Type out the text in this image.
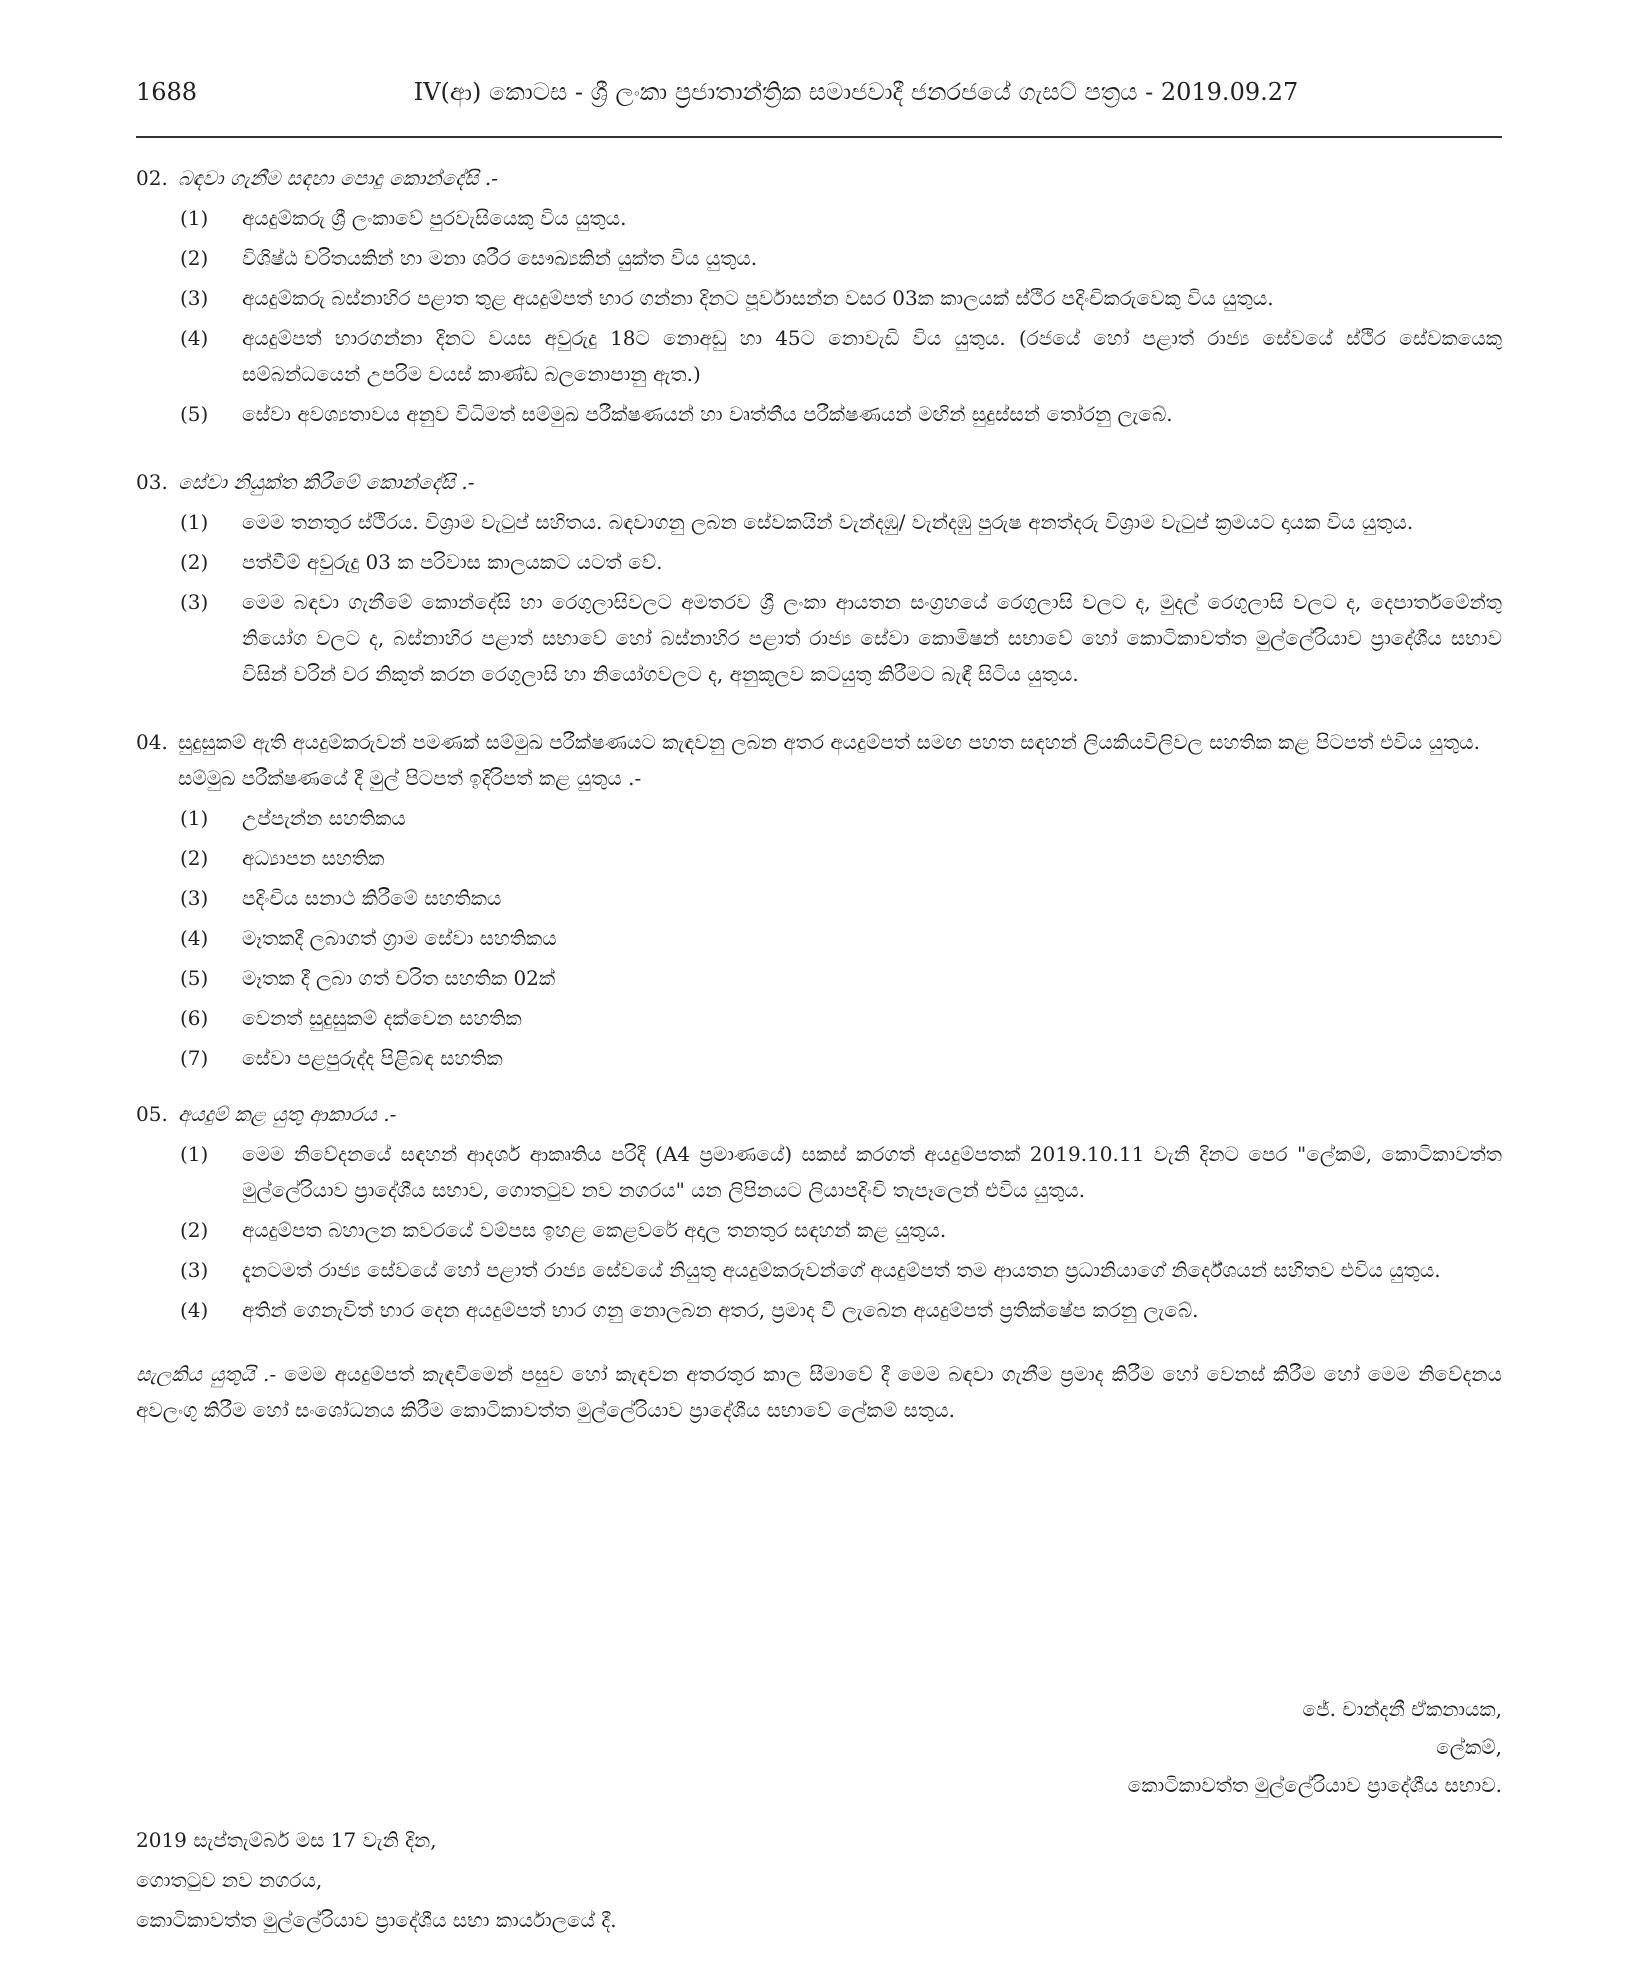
1688	IV(ආ) කොටස - ශ්‍රී ලංකා ප්‍රජාතාන්ත්‍රික සමාජවාදී ජනරජයේ ගැසට් පත්‍රය - 2019.09.27
02. බඳවා ගැනීම සඳහා පොදු කොන්දේසි .-
(1) අයදුම්කරු ශ්‍රී ලංකාවේ පුරවැසියෙකු විය යුතුය.
(2) විශිෂ්ඨ චරිතයකින් හා මනා ශරීර සෞඛ්‍යකින් යුක්ත විය යුතුය.
(3) අයදුම්කරු බස්නාහිර පළාත තුළ අයදුම්පත් භාර ගන්නා දිනට පූර්වාසන්න වසර 03ක කාලයක් ස්ථිර පදිංචිකරුවෙකු විය යුතුය.
(4) අයදුම්පත් භාරගන්නා දිනට වයස අවුරුදු 18ට නොඅඩු හා 45ට නොවැඩි විය යුතුය. (රජයේ හෝ පළාත් රාජ්‍ය සේවයේ ස්ථිර සේවකයෙකු සම්බන්ධයෙන් උපරිම වයස් කාණ්ඩ බලනොපානු ඇත.)
(5) සේවා අවශ්‍යතාවය අනුව විධිමත් සම්මුඛ පරීක්ෂණයන් හා වෘත්තීය පරීක්ෂණයන් මඟින් සුදුස්සන් තෝරනු ලැබේ.
03. සේවා නියුක්ත කිරීමේ කොන්දේසි .-
(1) මෙම තනතුර ස්ථිරය. විශ්‍රාම වැටුප් සහිතය. බඳවාගනු ලබන සේවකයින් වැන්දඹු/ වැන්දඹු පුරුෂ අනත්දරු විශ්‍රාම වැටුප් ක්‍රමයට දායක විය යුතුය.
(2) පත්වීම් අවුරුදු 03 ක පරිවාස කාලයකට යටත් වේ.
(3) මෙම බඳවා ගැනීමේ කොන්දේසි හා රෙගුලාසිවලට අමතරව ශ්‍රී ලංකා ආයතන සංග්‍රහයේ රෙගුලාසි වලට ද, මුදල් රෙගුලාසි වලට ද, දෙපාර්තමේන්තු නියෝග වලට ද, බස්නාහිර පළාත් සභාවේ හෝ බස්නාහිර පළාත් රාජ්‍ය සේවා කොමිෂන් සභාවේ හෝ කොටිකාවත්ත මුල්ලේරියාව ප්‍රාදේශීය සභාව විසින් වරින් වර නිකුත් කරන රෙගුලාසි හා නියෝගවලට ද, අනුකූලව කටයුතු කිරීමට බැඳී සිටිය යුතුය.
04. සුදුසුකම් ඇති අයදුම්කරුවන් පමණක් සම්මුඛ පරීක්ෂණයට කැඳවනු ලබන අතර අයදුම්පත් සමඟ පහත සඳහන් ලියකියවිලිවල සහතික කළ පිටපත් එවිය යුතුය. සම්මුඛ පරීක්ෂණයේ දී මුල් පිටපත් ඉදිරිපත් කළ යුතුය .-
(1) උප්පැන්න සහතිකය
(2) අධ්‍යාපන සහතික
(3) පදිංචිය සනාථ කිරීමේ සහතිකය
(4) මෑතකදී ලබාගත් ග්‍රාම සේවා සහතිකය
(5) මෑතක දී ලබා ගත් චරිත සහතික 02ක්
(6) වෙනත් සුදුසුකම් දක්වෙන සහතික
(7) සේවා පළපුරුද්ද පිළිබඳ සහතික
05. අයදුම් කළ යුතු ආකාරය .-
(1) මෙම නිවේදනයේ සඳහන් ආදර්ශ ආකෘතිය පරිදි (A4 ප්‍රමාණයේ) සකස් කරගත් අයදුම්පතක් 2019.10.11 වැනි දිනට පෙර "ලේකම්, කොටිකාවත්ත මුල්ලේරියාව ප්‍රාදේශීය සභාව, ගොතටුව නව නගරය" යන ලිපිනයට ලියාපදිංචි තැපෑලෙන් එවිය යුතුය.
(2) අයදුම්පත බහාලන කවරයේ වම්පස ඉහළ කෙළවරේ අදාල තනතුර සඳහන් කළ යුතුය.
(3) දැනටමත් රාජ්‍ය සේවයේ හෝ පළාත් රාජ්‍ය සේවයේ නියුතු අයදුම්කරුවන්ගේ අයදුම්පත් තම ආයතන ප්‍රධානියාගේ නිර්දේශයන් සහිතව එවිය යුතුය.
(4) අතින් ගෙනැවිත් භාර දෙන අයදුම්පත් භාර ගනු නොලබන අතර, ප්‍රමාද වී ලැබෙන අයදුම්පත් ප්‍රතික්ෂේප කරනු ලැබේ.
සැලකිය යුතුයි .- මෙම අයදුම්පත් කැඳවීමෙන් පසුව හෝ කැඳවන අතරතුර කාල සීමාවේ දී මෙම බඳවා ගැනීම ප්‍රමාද කිරීම හෝ වෙනස් කිරීම හෝ මෙම නිවේදනය අවලංගු කිරීම හෝ සංශෝධනය කිරීම කොටිකාවත්ත මුල්ලේරියාව ප්‍රාදේශීය සභාවේ ලේකම් සතුය.
ජේ. චාන්දනී ඒකනායක,
ලේකම්,
කොටිකාවත්ත මුල්ලේරියාව ප්‍රාදේශීය සභාව.
2019 සැප්තැම්බර් මස 17 වැනි දින,
ගොතටුව නව නගරය,
කොටිකාවත්ත මුල්ලේරියාව ප්‍රාදේශීය සභා කාර්යාලයේ දී.
